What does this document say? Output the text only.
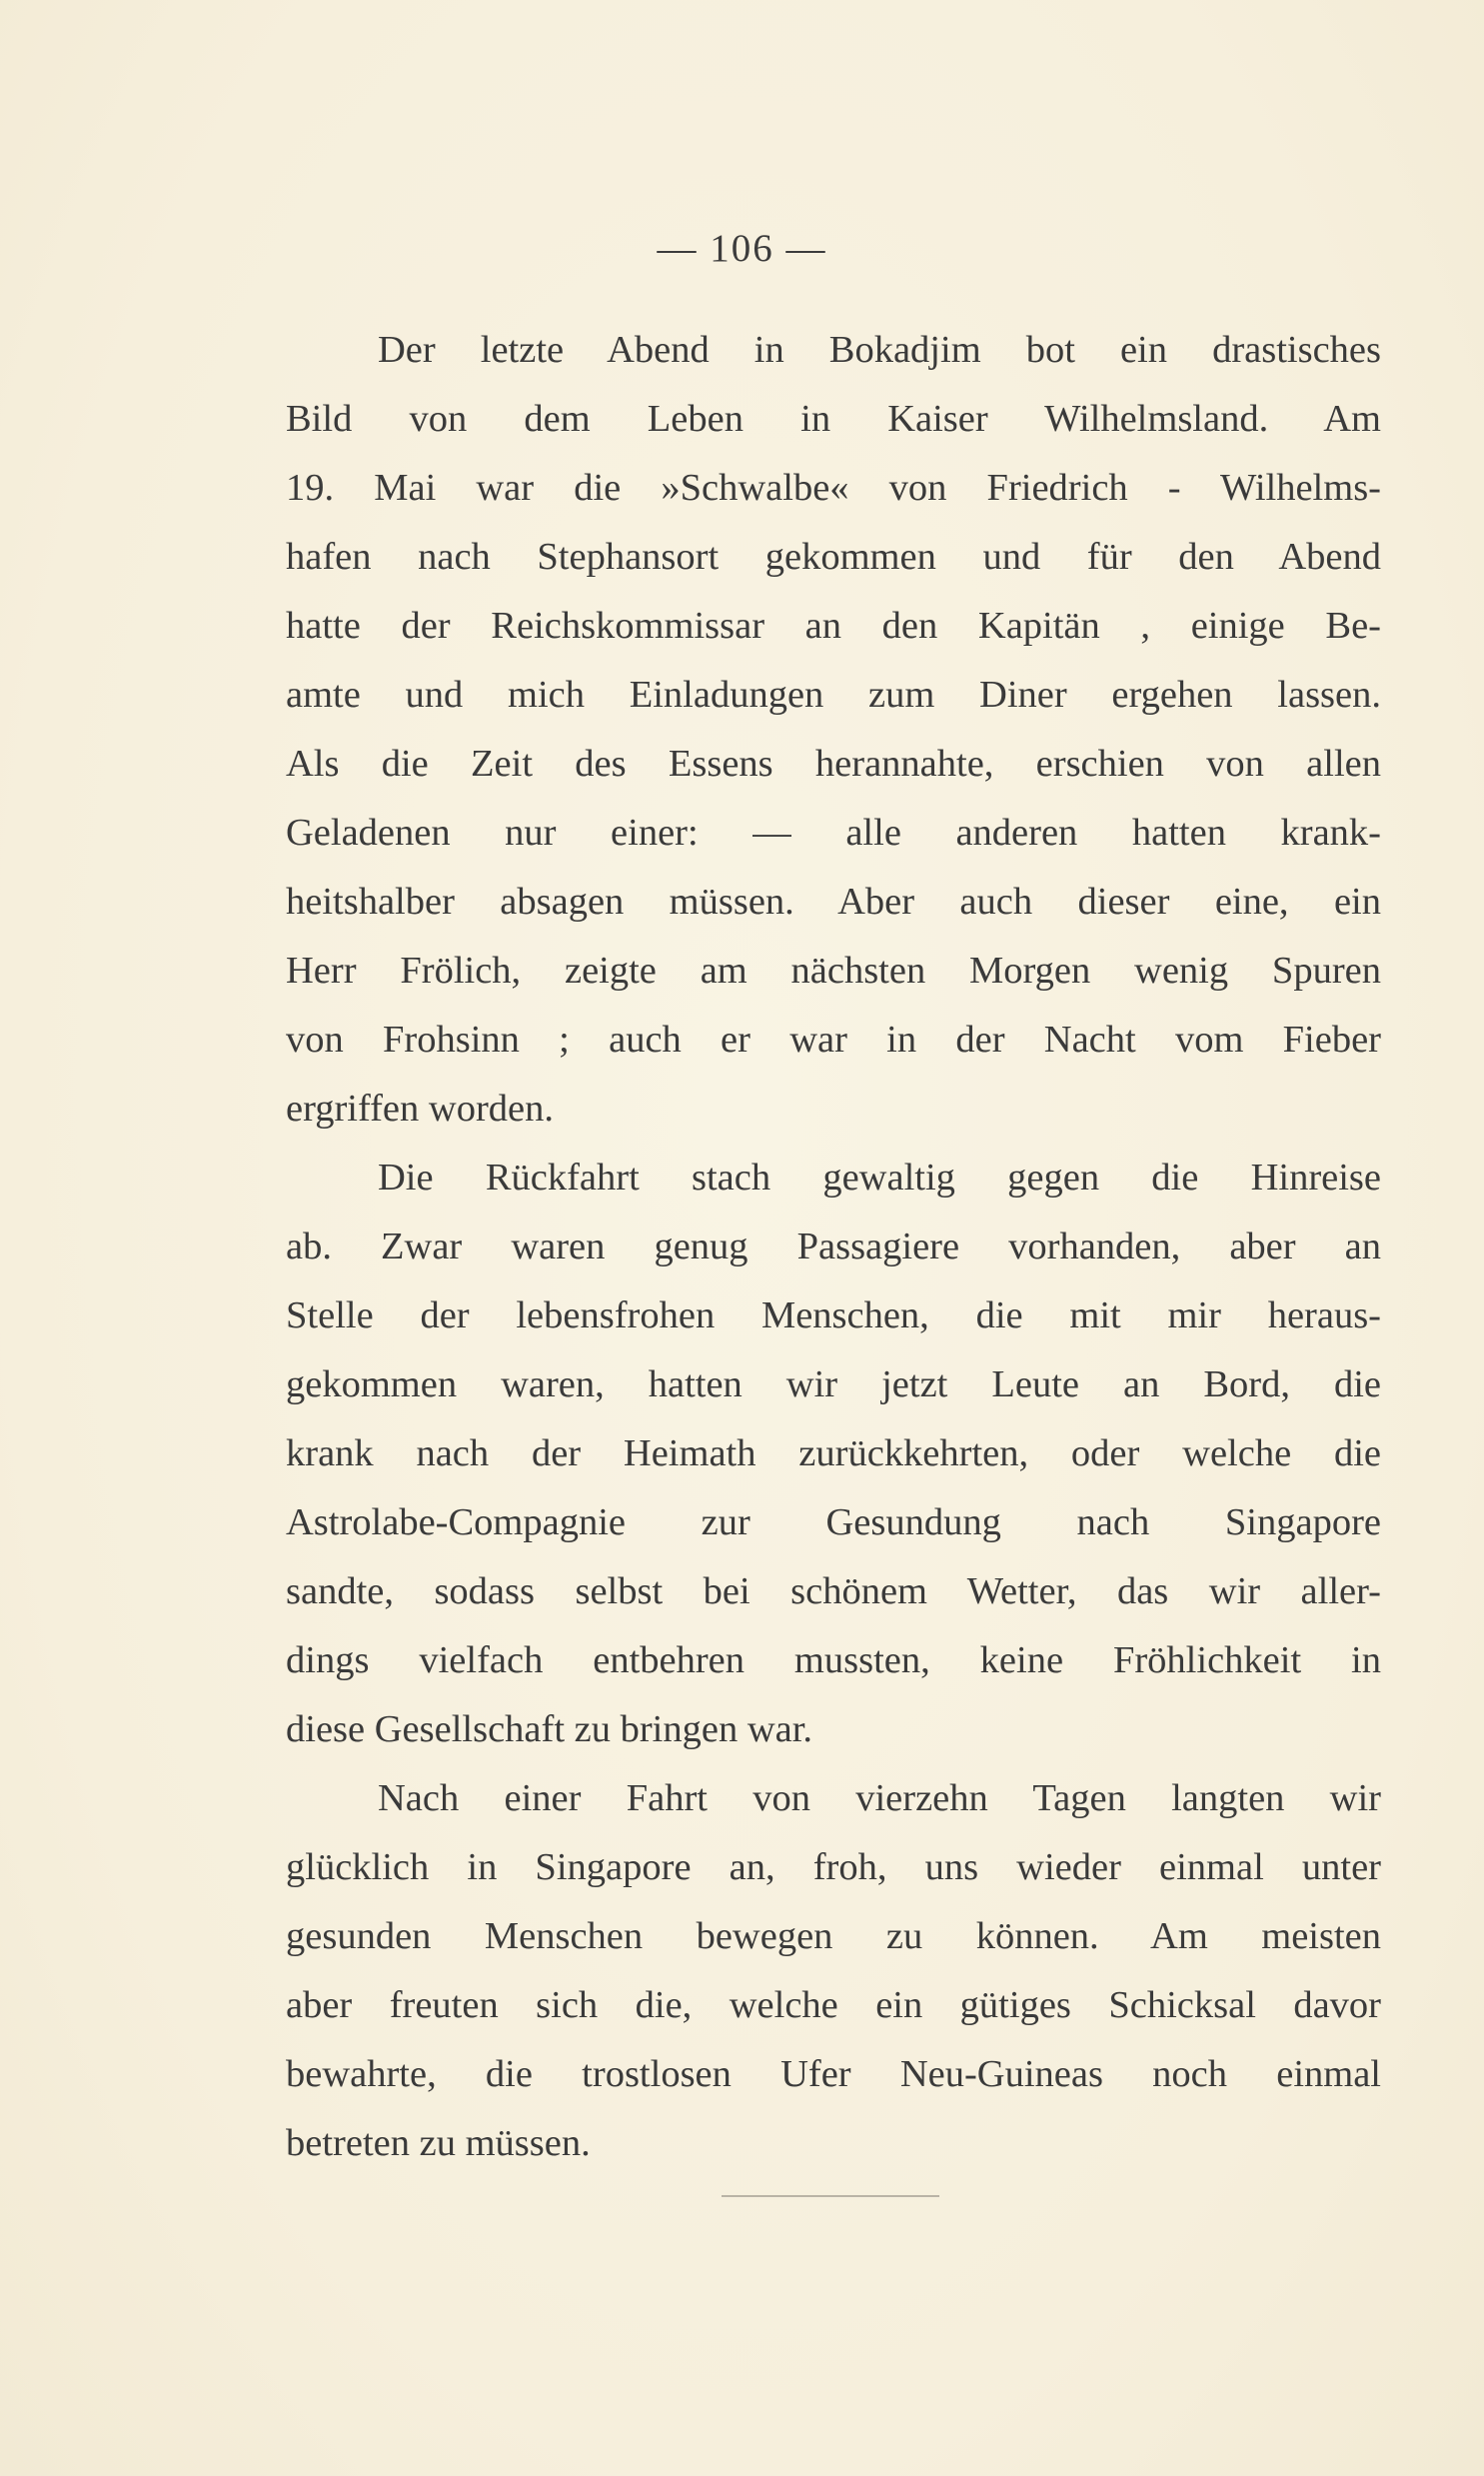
— 106 —
Der letzte Abend in Bokadjim bot ein drastisches
Bild von dem Leben in Kaiser Wilhelmsland. Am
19. Mai war die »Schwalbe« von Friedrich - Wilhelms-
hafen nach Stephansort gekommen und für den Abend
hatte der Reichskommissar an den Kapitän , einige Be-
amte und mich Einladungen zum Diner ergehen lassen.
Als die Zeit des Essens herannahte, erschien von allen
Geladenen nur einer: — alle anderen hatten krank-
heitshalber absagen müssen. Aber auch dieser eine, ein
Herr Frölich, zeigte am nächsten Morgen wenig Spuren
von Frohsinn ; auch er war in der Nacht vom Fieber
ergriffen worden.
Die Rückfahrt stach gewaltig gegen die Hinreise
ab. Zwar waren genug Passagiere vorhanden, aber an
Stelle der lebensfrohen Menschen, die mit mir heraus-
gekommen waren, hatten wir jetzt Leute an Bord, die
krank nach der Heimath zurückkehrten, oder welche die
Astrolabe-Compagnie zur Gesundung nach Singapore
sandte, sodass selbst bei schönem Wetter, das wir aller-
dings vielfach entbehren mussten, keine Fröhlichkeit in
diese Gesellschaft zu bringen war.
Nach einer Fahrt von vierzehn Tagen langten wir
glücklich in Singapore an, froh, uns wieder einmal unter
gesunden Menschen bewegen zu können. Am meisten
aber freuten sich die, welche ein gütiges Schicksal davor
bewahrte, die trostlosen Ufer Neu-Guineas noch einmal
betreten zu müssen.
